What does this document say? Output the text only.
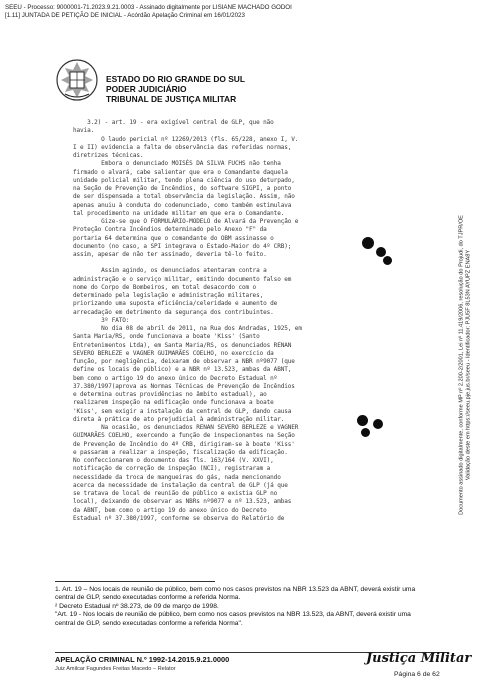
SEEU - Processo: 9000001-71.2023.9.21.0003 - Assinado digitalmente por LISIANE MACHADO GODOI
[1.11] JUNTADA DE PETIÇÃO DE INICIAL - Acórdão Apelação Criminal em 16/01/2023
Documento assinado digitalmente, conforme MP nº 2.200-2/2001, Lei nº 11.419/2006, resolução do Projudi, do TJPR/OE Validação deste em https://seeu.pje.jus.br/seeu - Identificador: PJU5F 8L53N AYUPZ ENA8Y
ESTADO DO RIO GRANDE DO SUL
PODER JUDICIÁRIO
TRIBUNAL DE JUSTIÇA MILITAR
3.2) - art. 19 - era exigível central de GLP, que não
havia.
O laudo pericial nº 12269/2013 (fls. 65/228, anexo I, V.
I e II) evidencia a falta de observância das referidas normas,
diretrizes técnicas.
Embora o denunciado MOISÉS DA SILVA FUCHS não tenha
firmado o alvará, cabe salientar que era o Comandante daquela
unidade policial militar, tendo plena ciência do uso deturpado,
na Seção de Prevenção de Incêndios, do software SIGPI, a ponto
de ser dispensada a total observância da legislação. Assim, não
apenas anuiu à conduta do codenunciado, como também estimulava
tal procedimento na unidade militar em que era o Comandante.
Gize-se que O FORMULÁRIO-MODELO de Alvará da Prevenção e
Proteção Contra Incêndios determinado pelo Anexo "F" da
portaria 64 determina que o comandante do OBM assinasse o
documento (no caso, a SPI integrava o Estado-Maior do 4º CRB);
assim, apesar de não ter assinado, deveria tê-lo feito.
Assim agindo, os denunciados atentaram contra a
administração e o serviço militar, emitindo documento falso em
nome do Corpo de Bombeiros, em total desacordo com o
determinado pela legislação e administração militares,
priorizando uma suposta eficiência/celeridade e aumento de
arrecadação em detrimento da segurança dos contribuintes.
3º FATO:
No dia 08 de abril de 2011, na Rua dos Andradas, 1925, em
Santa Maria/RS, onde funcionava a boate 'Kiss' (Santo
Entretenimentos Ltda), em Santa Maria/RS, os denunciados RENAN
SEVERO BERLEZE e VAGNER GUIMARÃES COELHO, no exercício da
função, por negligência, deixaram de observar a NBR nº9077 (que
define os locais de público) e a NBR nº 13.523, ambas da ABNT,
bem como o artigo 19 do anexo único do Decreto Estadual nº
37.380/1997(aprova as Normas Técnicas de Prevenção de Incêndios
e determina outras providências no âmbito estadual), ao
realizarem inspeção na edificação onde funcionava a boate
'Kiss', sem exigir a instalação da central de GLP, dando causa
direta à prática de ato prejudicial à administração militar.
Na ocasião, os denunciados RENAN SEVERO BERLEZE e VAGNER
GUIMARÃES COELHO, exercendo a função de inspecionantes na Seção
de Prevenção de Incêndio do 4º CRB, dirigiram-se à boate 'Kiss'
e passaram a realizar a inspeção, fiscalização da edificação.
No confeccionarem o documento das fls. 163/164 (V. XXVI),
notificação de correção de inspeção (NCI), registraram a
necessidade da troca de mangueiras do gás, nada mencionando
acerca da necessidade de instalação da central de GLP (já que
se tratava de local de reunião de público e existia GLP no
local), deixando de observar as NBRs nº9077 e nº 13.523, ambas
da ABNT, bem como o artigo 19 do anexo único do Decreto
Estadual nº 37.380/1997, conforme se observa do Relatório de

1. Art. 19 – Nos locais de reunião de público, bem como nos casos previstos na NBR 13.523 da ABNT, deverá existir uma central de GLP, sendo executadas conforme a referida Norma.

² Decreto Estadual nº 38.273, de 09 de março de 1998.

"Art. 19 - Nos locais de reunião de público, bem como nos casos previstos na NBR 13.523, da ABNT, deverá existir uma central de GLP, sendo executadas conforme a referida Norma".

APELAÇÃO CRIMINAL N.º 1992-14.2015.9.21.0000
Juiz Amilcar Fagundes Freitas Macedo – Relator
Justiça Militar
Página 6 de 62
